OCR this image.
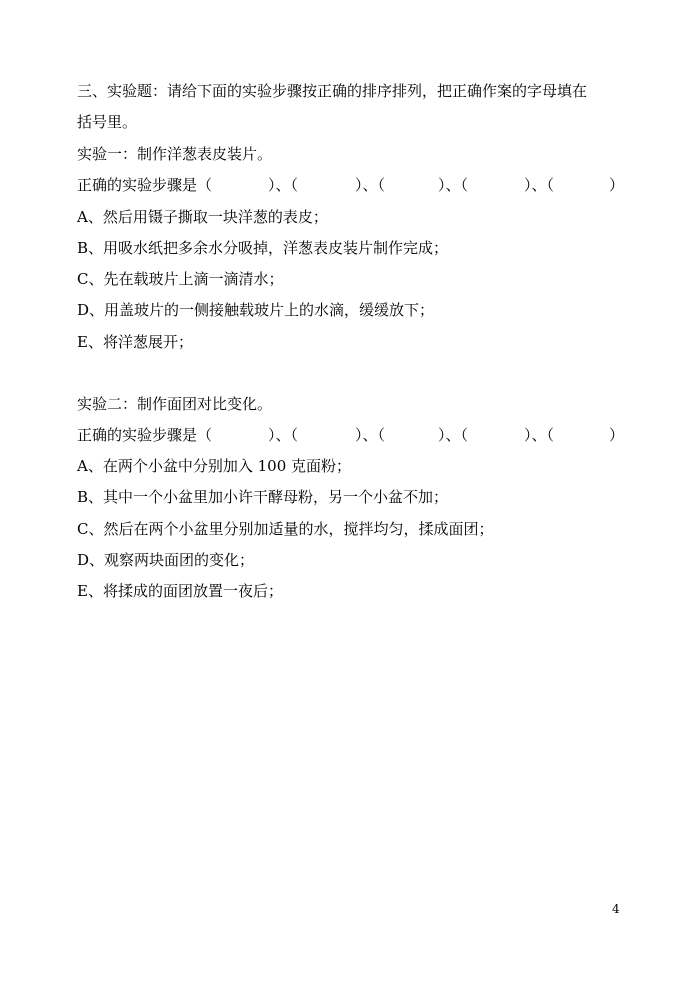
三、实验题：请给下面的实验步骤按正确的排序排列，把正确作案的字母填在
括号里。
实验一：制作洋葱表皮装片。
正确的实验步骤是（	）、（	）、（	）、（	）、（	）
A、然后用镊子撕取一块洋葱的表皮；
B、用吸水纸把多余水分吸掉，洋葱表皮装片制作完成；
C、先在载玻片上滴一滴清水；
D、用盖玻片的一侧接触载玻片上的水滴，缓缓放下；
E、将洋葱展开；
实验二：制作面团对比变化。
正确的实验步骤是（	）、（	）、（	）、（	）、（	）
A、在两个小盆中分别加入 100 克面粉；
B、其中一个小盆里加小许干酵母粉，另一个小盆不加；
C、然后在两个小盆里分别加适量的水，搅拌均匀，揉成面团；
D、观察两块面团的变化；
E、将揉成的面团放置一夜后；
4
